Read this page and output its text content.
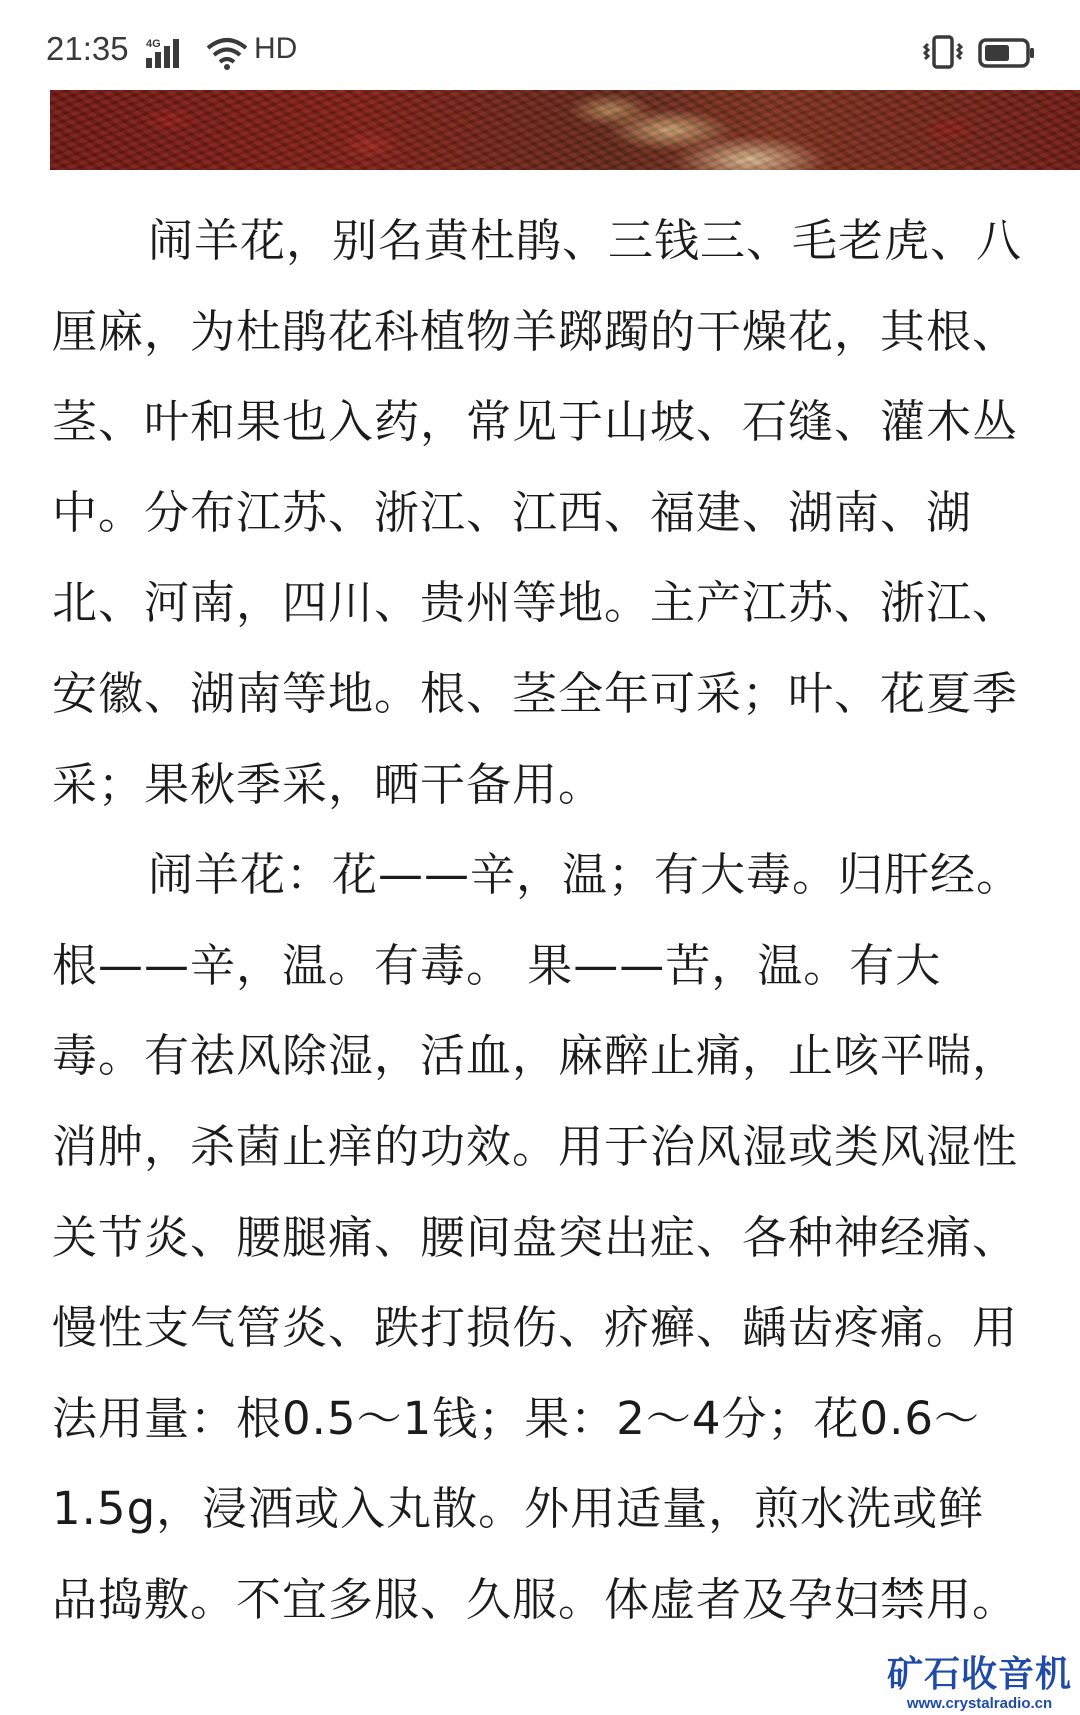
21:35 4G	HD

闹羊花，别名黄杜鹃、三钱三、毛老虎、八厘麻，为杜鹃花科植物羊踯躅的干燥花，其根、茎、叶和果也入药，常见于山坡、石缝、灌木丛中。分布江苏、浙江、江西、福建、湖南、湖北、河南，四川、贵州等地。主产江苏、浙江、安徽、湖南等地。根、茎全年可采；叶、花夏季采；果秋季采，晒干备用。

闹羊花：花——辛，温；有大毒。归肝经。 根——辛，温。有毒。 果——苦，温。有大毒。有祛风除湿，活血，麻醉止痛，止咳平喘，消肿，杀菌止痒的功效。用于治风湿或类风湿性关节炎、腰腿痛、腰间盘突出症、各种神经痛、慢性支气管炎、跌打损伤、疥癣、龋齿疼痛。用法用量：根0.5～1钱；果：2～4分；花0.6～1.5g，浸酒或入丸散。外用适量，煎水洗或鲜品捣敷。不宜多服、久服。体虚者及孕妇禁用。

矿石收音机
www.crystalradio.cn
